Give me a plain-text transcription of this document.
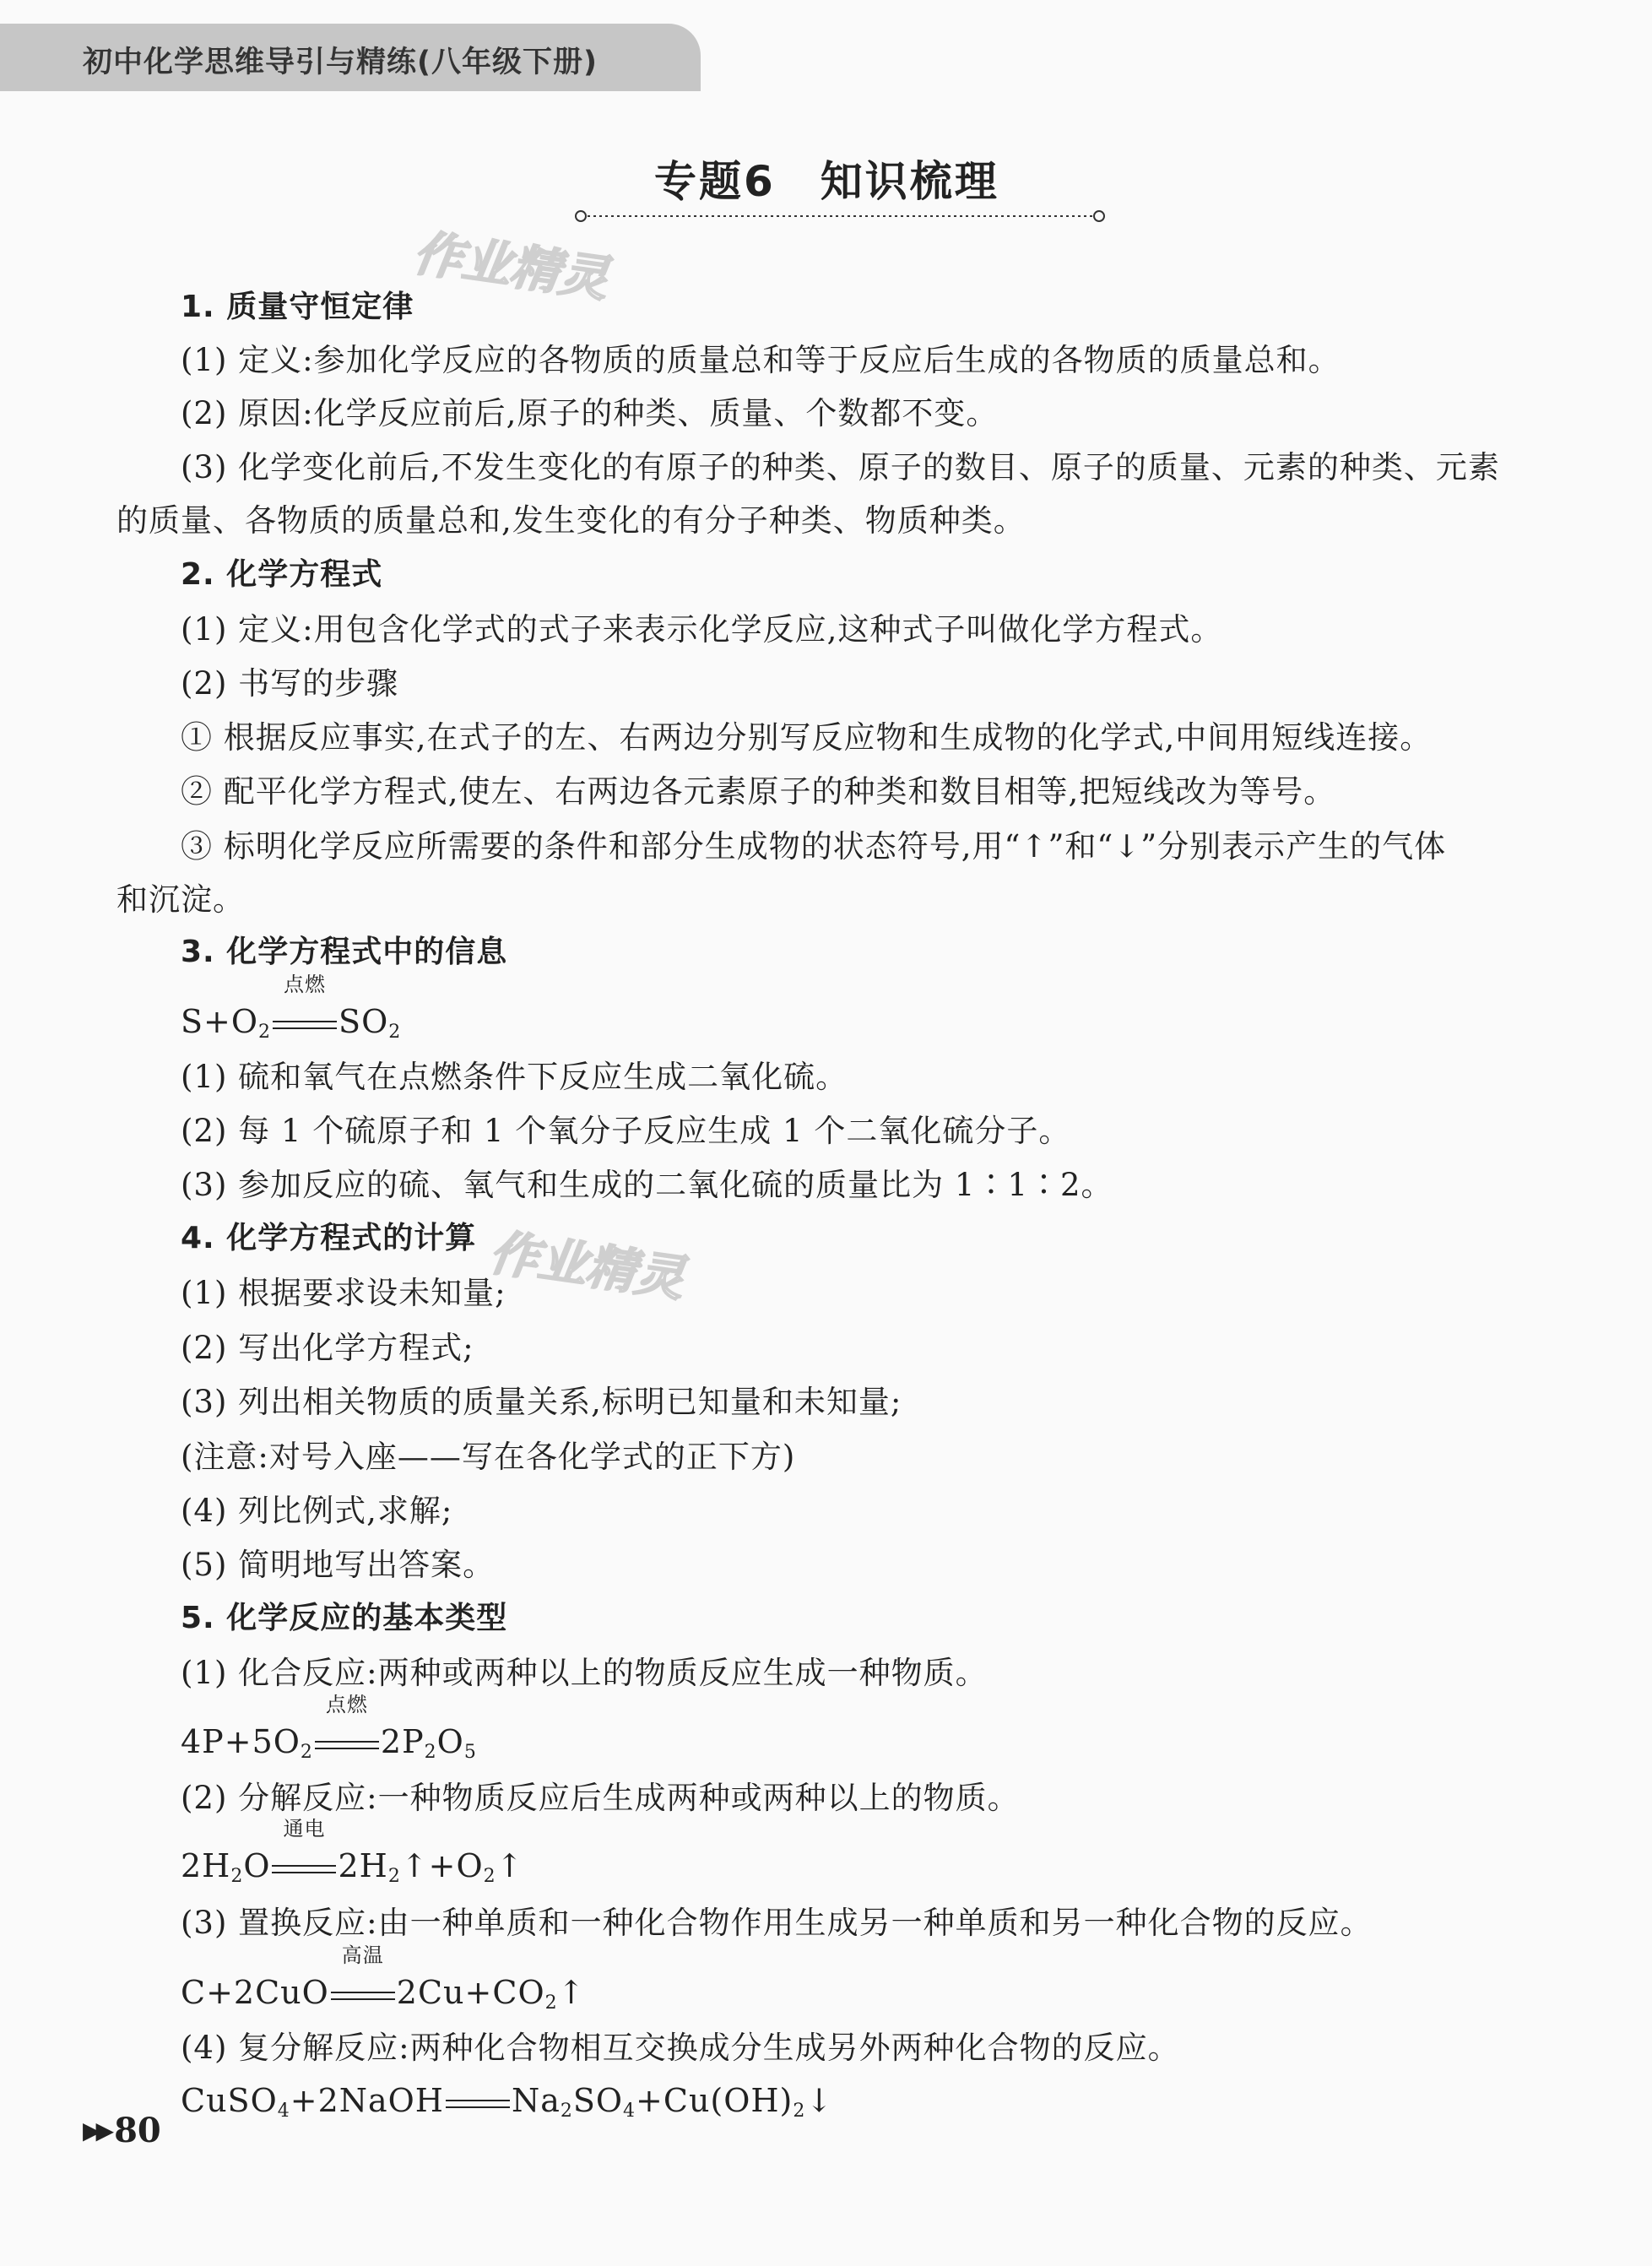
初中化学思维导引与精练(八年级下册)
专题6　知识梳理
作业精灵
作业精灵
1. 质量守恒定律
(1) 定义:参加化学反应的各物质的质量总和等于反应后生成的各物质的质量总和。
(2) 原因:化学反应前后,原子的种类、质量、个数都不变。
(3) 化学变化前后,不发生变化的有原子的种类、原子的数目、原子的质量、元素的种类、元素
的质量、各物质的质量总和,发生变化的有分子种类、物质种类。
2. 化学方程式
(1) 定义:用包含化学式的式子来表示化学反应,这种式子叫做化学方程式。
(2) 书写的步骤
① 根据反应事实,在式子的左、右两边分别写反应物和生成物的化学式,中间用短线连接。
② 配平化学方程式,使左、右两边各元素原子的种类和数目相等,把短线改为等号。
③ 标明化学反应所需要的条件和部分生成物的状态符号,用“↑”和“↓”分别表示产生的气体
和沉淀。
3. 化学方程式中的信息
$S+O_2$
点燃
$SO_2$
(1) 硫和氧气在点燃条件下反应生成二氧化硫。
(2) 每 1 个硫原子和 1 个氧分子反应生成 1 个二氧化硫分子。
(3) 参加反应的硫、氧气和生成的二氧化硫的质量比为 1∶1∶2。
4. 化学方程式的计算
(1) 根据要求设未知量;
(2) 写出化学方程式;
(3) 列出相关物质的质量关系,标明已知量和未知量;
(注意:对号入座——写在各化学式的正下方)
(4) 列比例式,求解;
(5) 简明地写出答案。
5. 化学反应的基本类型
(1) 化合反应:两种或两种以上的物质反应生成一种物质。
$4P+5O_2$
点燃
$2P_2O_5$
(2) 分解反应:一种物质反应后生成两种或两种以上的物质。
$2H_2O$
通电
$2H_2↑+O_2↑$
(3) 置换反应:由一种单质和一种化合物作用生成另一种单质和另一种化合物的反应。
C+2CuO
高温
$2Cu+CO_2↑$
(4) 复分解反应:两种化合物相互交换成分生成另外两种化合物的反应。
CuSO$_4$+2NaOH $Na_2SO_4+Cu(OH)_2↓$
▶▶ 80
